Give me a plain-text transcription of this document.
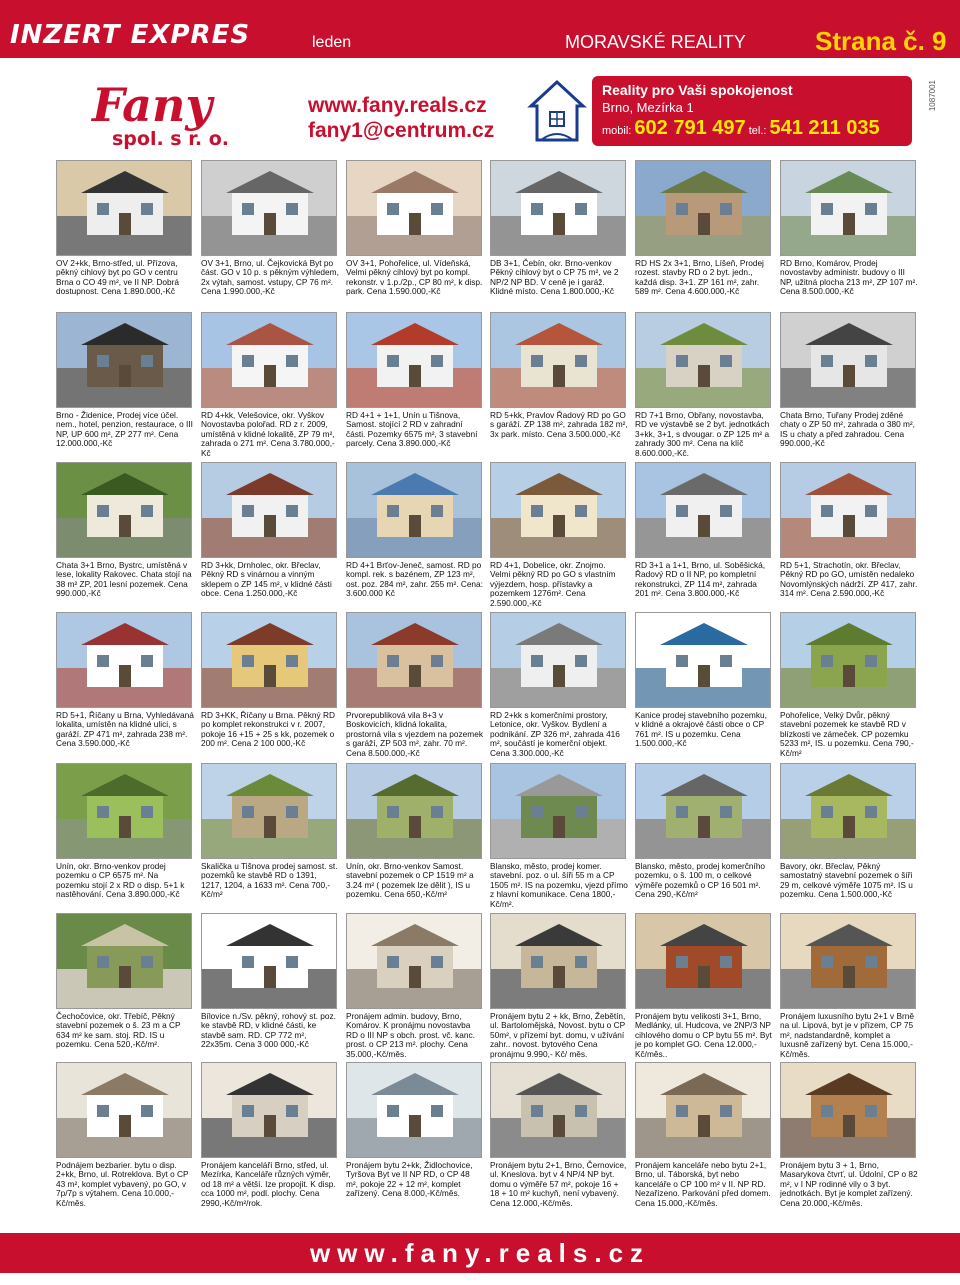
INZERT EXPRES	leden	MORAVSKÉ REALITY	Strana č. 9
Fany
spol. s r. o.
www.fany.reals.cz
fany1@centrum.cz
Reality pro Vaši spokojenost
Brno, Mezírka 1
mobil: 602 791 497 tel.: 541 211 035
1087001
OV 2+kk, Brno-střed, ul. Přízova, pěkný cihlový byt po GO v centru Brna o CO 49 m², ve II NP. Dobrá dostupnost. Cena 1.890.000,-Kč
OV 3+1, Brno, ul. Čejkovická Byt po část. GO v 10 p. s pěkným výhledem, 2x výtah, samost. vstupy, CP 76 m². Cena 1.990.000,-Kč
OV 3+1, Pohořelice, ul. Vídeňská, Velmi pěkný cihlový byt po kompl. rekonstr. v 1.p./2p., CP 80 m², k disp. park. Cena 1.590.000,-Kč
DB 3+1, Čebín, okr. Brno-venkov Pěkný cihlový byt o CP 75 m², ve 2 NP/2 NP BD. V ceně je i garáž. Klidné místo. Cena 1.800.000,-Kč
RD HS 2x 3+1, Brno, Líšeň, Prodej rozest. stavby RD o 2 byt. jedn., každá disp. 3+1. ZP 161 m², zahr. 589 m². Cena 4.600.000,-Kč
RD Brno, Komárov, Prodej novostavby administr. budovy o III NP, užitná plocha 213 m², ZP 107 m². Cena 8.500.000,-Kč
Brno - Židenice, Prodej více účel. nem., hotel, penzion, restaurace, o III NP, UP 600 m², ZP 277 m². Cena 12.000.000,-Kč
RD 4+kk, Velešovice, okr. Vyškov Novostavba polořad. RD z r. 2009, umístěná v klidné lokalitě, ZP 79 m², zahrada o 271 m². Cena 3.780.000,-Kč
RD 4+1 + 1+1, Unín u Tišnova, Samost. stojící 2 RD v zahradní části. Pozemky 6575 m², 3 stavební parcely. Cena 3.890.000,-Kč
RD 5+kk, Pravlov Řadový RD po GO s garáží. ZP 138 m², zahrada 182 m², 3x park. místo. Cena 3.500.000,-Kč
RD 7+1 Brno, Obřany, novostavba, RD ve výstavbě se 2 byt. jednotkách 3+kk, 3+1, s dvougar. o ZP 125 m² a zahrady 300 m². Cena na klíč 8.600.000,-Kč.
Chata Brno, Tuřany Prodej zděné chaty o ZP 50 m², zahrada o 380 m², IS u chaty a před zahradou. Cena 990.000,-Kč
Chata 3+1 Brno, Bystrc, umístěná v lese, lokality Rakovec. Chata stojí na 38 m² ZP, 201 lesní pozemek. Cena 990.000,-Kč
RD 3+kk, Drnholec, okr. Břeclav, Pěkný RD s vinárnou a vinným sklepem o ZP 145 m², v klidné části obce. Cena 1.250.000,-Kč
RD 4+1 Brťov-Jeneč, samost. RD po kompl. rek. s bazénem, ZP 123 m², ost. poz. 284 m², zahr. 255 m². Cena: 3.600.000 Kč
RD 4+1, Dobelice, okr. Znojmo. Velmi pěkný RD po GO s vlastním výjezdem, hosp. přístavky a pozemkem 1276m². Cena 2.590.000,-Kč
RD 3+1 a 1+1, Brno, ul. Soběšická, Řadový RD o II NP, po kompletní rekonstrukci, ZP 114 m², zahrada 201 m². Cena 3.800.000,-Kč
RD 5+1, Strachotín, okr. Břeclav, Pěkný RD po GO, umístěn nedaleko Novomlýnských nádrží. ZP 417, zahr. 314 m². Cena 2.590.000,-Kč
RD 5+1, Říčany u Brna, Vyhledávaná lokalita, umístěn na klidné ulici, s garáží. ZP 471 m², zahrada 238 m². Cena 3.590.000,-Kč
RD 3+KK, Říčany u Brna. Pěkný RD po komplet rekonstrukci v r. 2007, pokoje 16 +15 + 25 s kk, pozemek o 200 m². Cena 2 100 000,-Kč
Prvorepubliková vila 8+3 v Boskovicích, klidná lokalita, prostorná vila s vjezdem na pozemek s garáží, ZP 503 m², zahr. 70 m². Cena 8.500.000,-Kč
RD 2+kk s komerčními prostory, Letonice, okr. Vyškov. Bydlení a podnikání. ZP 326 m², zahrada 416 m², součástí je komerční objekt. Cena 3.300.000,-Kč
Kanice prodej stavebního pozemku, v klidné a okrajové části obce o CP 761 m². IS u pozemku. Cena 1.500.000,-Kč
Pohořelice, Velký Dvůr, pěkný stavební pozemek ke stavbě RD v blízkosti ve zámeček. CP pozemku 5233 m², IS. u pozemku. Cena 790,-Kč/m²
Unín, okr. Brno-venkov prodej pozemku o CP 6575 m². Na pozemku stojí 2 x RD o disp. 5+1 k nastěhování. Cena 3.890.000,-Kč
Skalička u Tišnova prodej samost. st. pozemků ke stavbě RD o 1391, 1217, 1204, a 1633 m². Cena 700,-Kč/m²
Unín, okr. Brno-venkov Samost. stavební pozemek o CP 1519 m² a 3.24 m² ( pozemek lze dělit ), IS u pozemku. Cena 650,-Kč/m²
Blansko, město, prodej komer. stavební. poz. o ul. šíři 55 m a CP 1505 m². IS na pozemku, vjezd přímo z hlavní komunikace. Cena 1800,-Kč/m².
Blansko, město, prodej komerčního pozemku, o š. 100 m, o celkové výměře pozemků o CP 16 501 m². Cena 290,-Kč/m²
Bavory, okr. Břeclav, Pěkný samostatný stavební pozemek o šíři 29 m, celkové výměře 1075 m². IS u pozemku. Cena 1.500.000,-Kč
Čechočovice, okr. Třebíč, Pěkný stavební pozemek o š. 23 m a CP 634 m² ke sam. stoj. RD. IS u pozemku. Cena 520,-Kč/m².
Bílovice n./Sv. pěkný, rohový st. poz. ke stavbě RD, v klidné části, ke stavbě sam. RD. CP 772 m², 22x35m. Cena 3 000 000,-Kč
Pronájem admin. budovy, Brno, Komárov. K pronájmu novostavba RD o III NP s obch. prost. vč. kanc. prost. o CP 213 m². plochy. Cena 35.000,-Kč/měs.
Pronájem bytu 2 + kk, Brno, Žebětín, ul. Bartolomějská, Novost. bytu o CP 50m², v přízemí byt. domu, v užívání zahr.. novost. bytového Cena pronájmu 9.990,- Kč/ měs.
Pronájem bytu velikosti 3+1, Brno, Medlánky, ul. Hudcova, ve 2NP/3 NP cihlového domu o CP bytu 55 m². Byt je po komplet GO. Cena 12.000,-Kč/měs..
Pronájem luxusního bytu 2+1 v Brně na ul. Lipová, byt je v přízem, CP 75 m², nadstandardně, komplet a luxusně zařízený byt. Cena 15.000,-Kč/měs.
Podnájem bezbarier. bytu o disp. 2+kk, Brno, ul. Rotreklova. Byt o CP 43 m², komplet vybavený, po GO, v 7p/7p s výtahem. Cena 10.000,-Kč/měs.
Pronájem kanceláří Brno, střed, ul. Mezírka, Kanceláře různých výměr, od 18 m² a větší. Ize propojit. K disp. cca 1000 m², podl. plochy. Cena 2990,-Kč/m²/rok.
Pronájem bytu 2+kk, Židlochovice, Tyršova Byt ve II NP RD, o CP 48 m², pokoje 22 + 12 m², komplet zařízený. Cena 8.000,-Kč/měs.
Pronájem bytu 2+1, Brno, Černovice, ul. Kneslova. byt v 4 NP/4 NP byt. domu o výměře 57 m², pokoje 16 + 18 + 10 m² kuchyň, není vybavený. Cena 12.000,-Kč/měs.
Pronájem kanceláře nebo bytu 2+1, Brno, ul. Táborská, byt nebo kanceláře o CP 100 m² v II. NP RD. Nezařízeno. Parkování před domem. Cena 15.000,-Kč/měs.
Pronájem bytu 3 + 1, Brno, Masarykova čtvrť, ul. Údolní, CP o 82 m², v I NP rodinné vily o 3 byt. jednotkách. Byt je komplet zařízený. Cena 20.000,-Kč/měs.
www.fany.reals.cz
